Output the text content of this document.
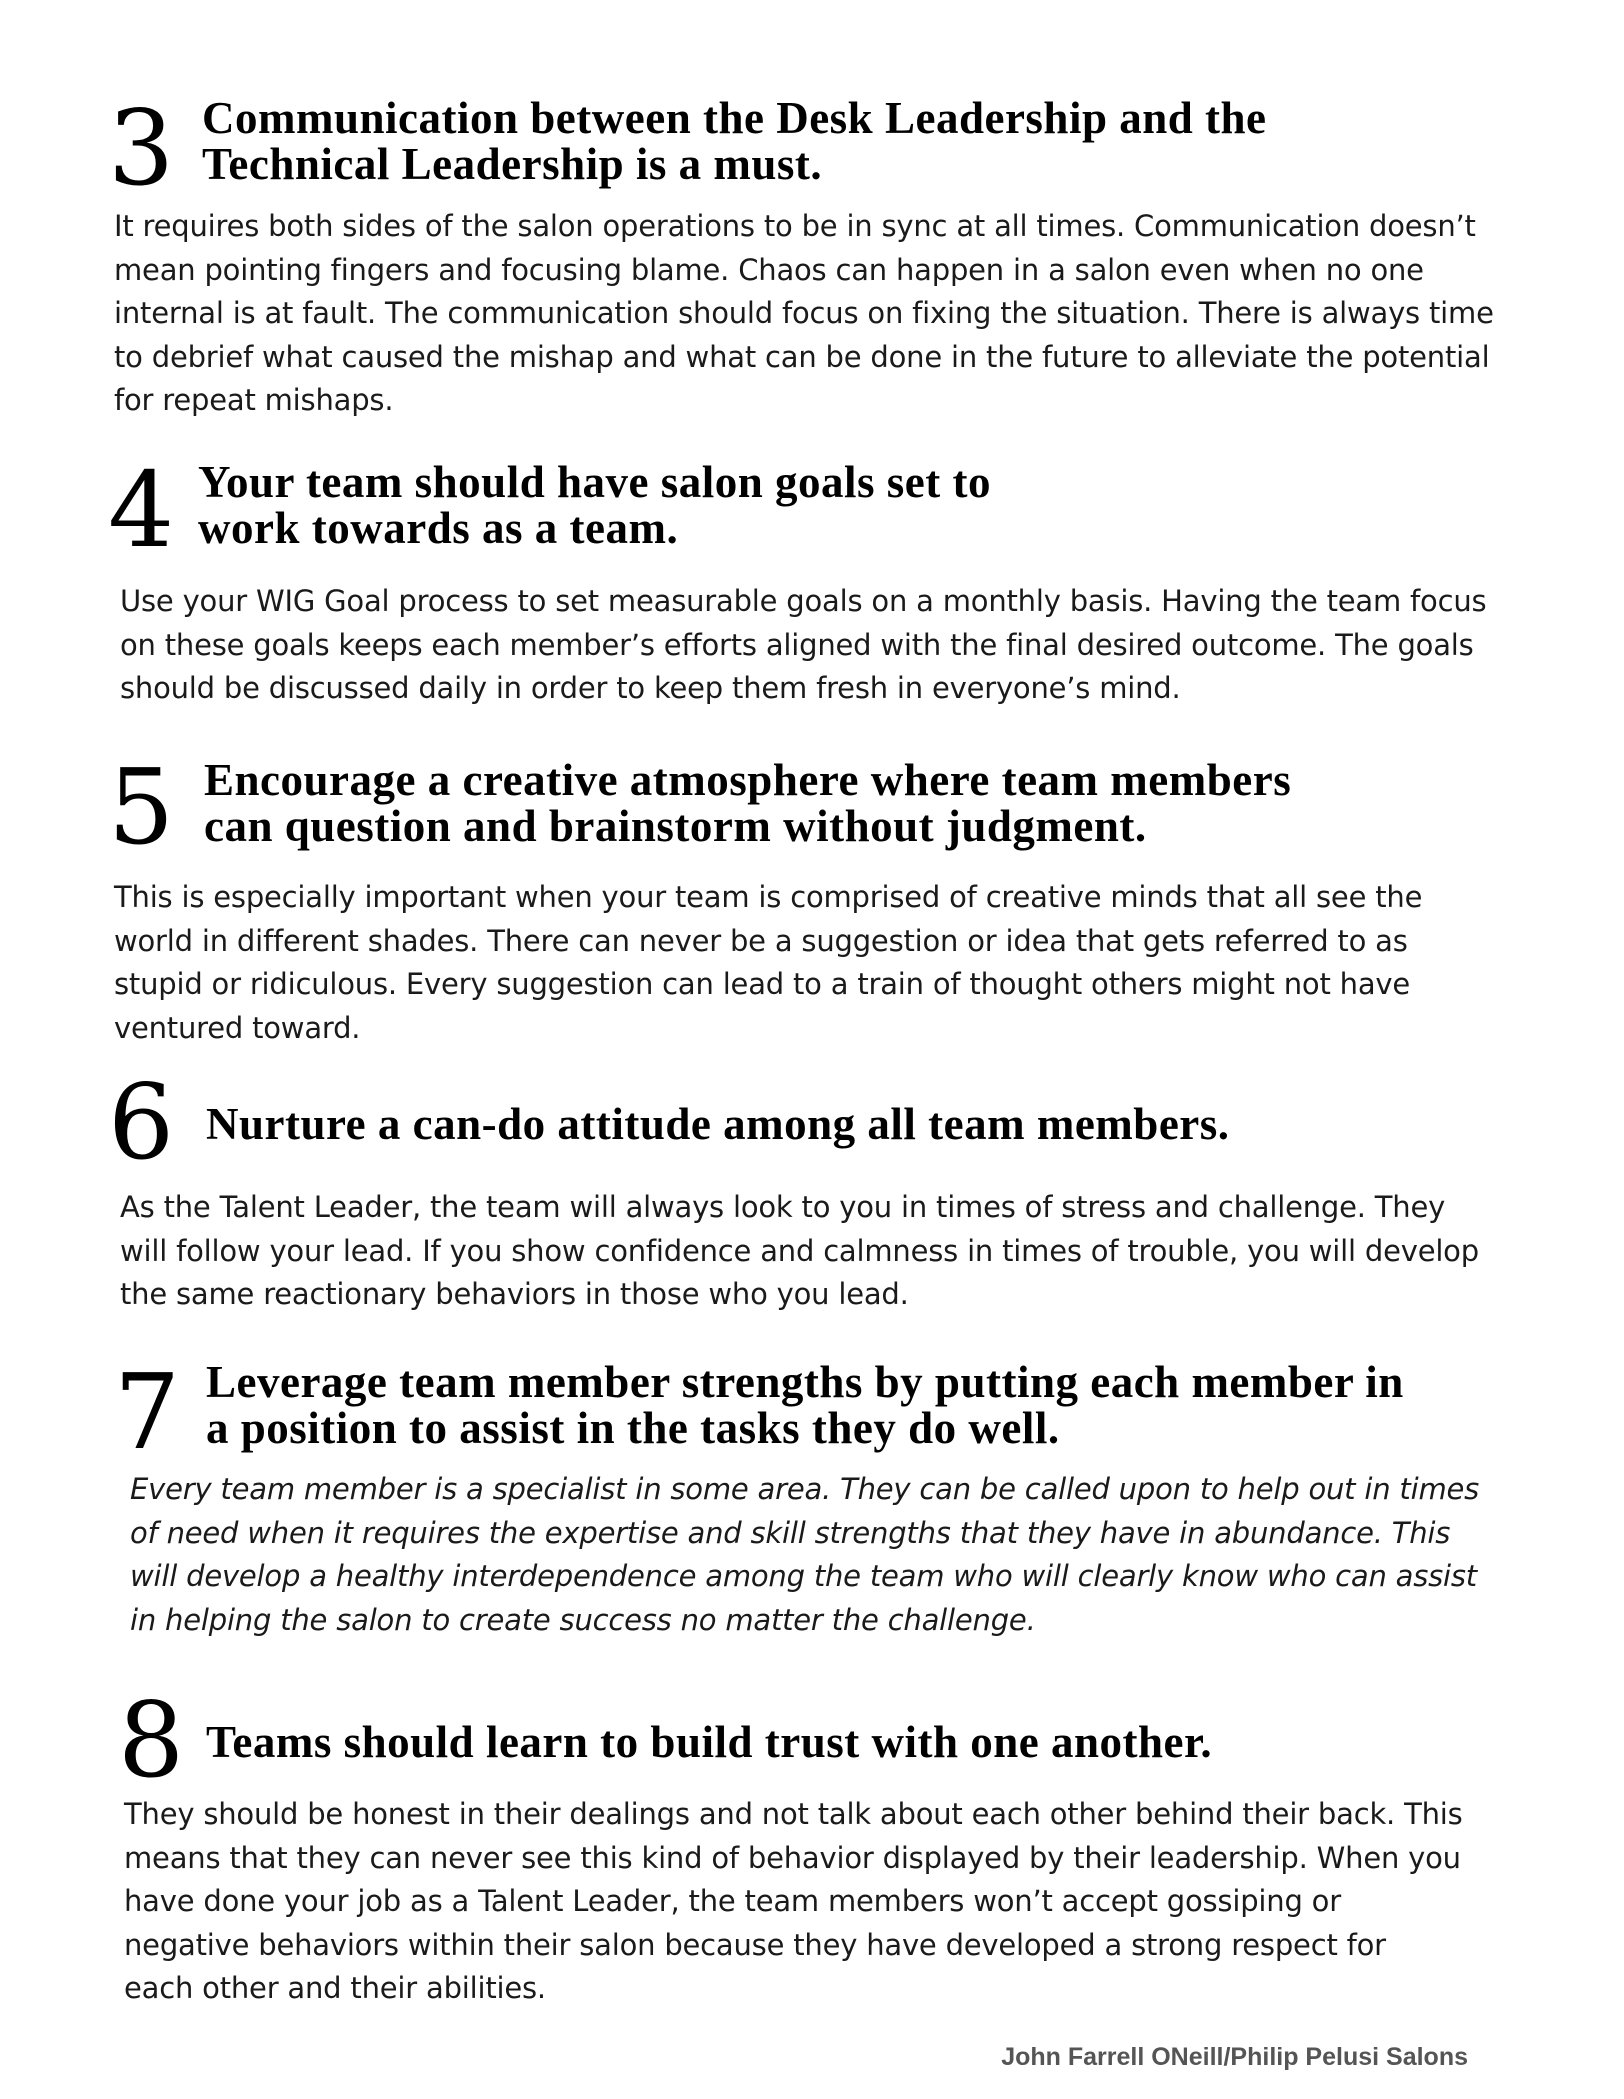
3 Communication between the Desk Leadership and the Technical Leadership is a must.

It requires both sides of the salon operations to be in sync at all times. Communication doesn’t mean pointing fingers and focusing blame. Chaos can happen in a salon even when no one internal is at fault. The communication should focus on fixing the situation. There is always time to debrief what caused the mishap and what can be done in the future to alleviate the potential for repeat mishaps.

4 Your team should have salon goals set to work towards as a team.

Use your WIG Goal process to set measurable goals on a monthly basis. Having the team focus on these goals keeps each member’s efforts aligned with the final desired outcome. The goals should be discussed daily in order to keep them fresh in everyone’s mind.

5 Encourage a creative atmosphere where team members can question and brainstorm without judgment.

This is especially important when your team is comprised of creative minds that all see the world in different shades. There can never be a suggestion or idea that gets referred to as stupid or ridiculous. Every suggestion can lead to a train of thought others might not have ventured toward.

6 Nurture a can-do attitude among all team members.

As the Talent Leader, the team will always look to you in times of stress and challenge. They will follow your lead. If you show confidence and calmness in times of trouble, you will develop the same reactionary behaviors in those who you lead.

7 Leverage team member strengths by putting each member in a position to assist in the tasks they do well.

Every team member is a specialist in some area. They can be called upon to help out in times of need when it requires the expertise and skill strengths that they have in abundance. This will develop a healthy interdependence among the team who will clearly know who can assist in helping the salon to create success no matter the challenge.

8 Teams should learn to build trust with one another.

They should be honest in their dealings and not talk about each other behind their back. This means that they can never see this kind of behavior displayed by their leadership. When you have done your job as a Talent Leader, the team members won’t accept gossiping or negative behaviors within their salon because they have developed a strong respect for each other and their abilities.

John Farrell ONeill/Philip Pelusi Salons
